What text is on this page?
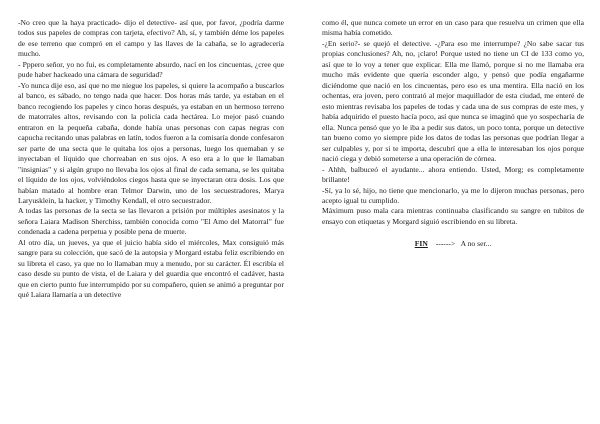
-No creo que la haya practicado- dijo el detective- así que, por favor, ¿podría darme todos sus papeles de compras con tarjeta, efectivo? Ah, sí, y también déme los papeles de ese terreno que compró en el campo y las llaves de la cabaña, se lo agradecería mucho.

- Pppero señor, yo no fui, es completamente absurdo, nací en los cincuentas, ¿cree que pude haber hackeado una cámara de seguridad?

-Yo nunca dije eso, así que no me niegue los papeles, si quiere la acompaño a buscarlos al banco, es sábado, no tengo nada que hacer. Dos horas más tarde, ya estaban en el banco recogiendo los papeles y cinco horas después, ya estaban en un hermoso terreno de matorrales altos, revisando con la policía cada hectárea. Lo mejor pasó cuando entraron en la pequeña cabaña, donde había unas personas con capas negras con capucha recitando unas palabras en latín, todos fueron a la comisaría donde confesaron ser parte de una secta que le quitaba los ojos a personas, luego los quemaban y se inyectaban el líquido que chorreaban en sus ojos. A eso era a lo que le llamaban "insignias" y si algún grupo no llevaba los ojos al final de cada semana, se les quitaba el líquido de los ojos, volviéndolos ciegos hasta que se inyectaran otra dosis. Los que habían matado al hombre eran Telmor Darwin, uno de los secuestradores, Marya Laryusklein, la hacker, y Timothy Kendall, el otro secuestrador.

A todas las personas de la secta se las llevaron a prisión por múltiples asesinatos y la señora Laiara Madison Sherchiss, también conocida como "El Amo del Matorral" fue condenada a cadena perpetua y posible pena de muerte.

Al otro día, un jueves, ya que el juicio había sido el miércoles, Max consiguió más sangre para su colección, que sacó de la autopsia y Morgard estaba feliz escribiendo en su libreta el caso, ya que no lo llamaban muy a menudo, por su carácter. Él escribía el caso desde su punto de vista, el de Laiara y del guardia que encontró el cadáver, hasta que en cierto punto fue interrumpido por su compañero, quien se animó a preguntar por qué Laiara llamaría a un detective

como él, que nunca comete un error en un caso para que resuelva un crimen que ella misma había cometido.

-¿En serio?- se quejó el detective. -¿Para eso me interrumpe? ¿No sabe sacar tus propias conclusiones? Ah, no, ¡claro! Porque usted no tiene un CI de 133 como yo, así que te lo voy a tener que explicar. Ella me llamó, porque si no me llamaba era mucho más evidente que quería esconder algo, y pensó que podía engañarme diciéndome que nació en los cincuentas, pero eso es una mentira. Ella nació en los ochentas, era joven, pero contrató al mejor maquillador de esta ciudad, me enteré de esto mientras revisaba los papeles de todas y cada una de sus compras de este mes, y había adquirido el puesto hacía poco, así que nunca se imaginó que yo sospecharía de ella. Nunca pensó que yo le iba a pedir sus datos, un poco tonta, porque un detective tan bueno como yo siempre pide los datos de todas las personas que podrían llegar a ser culpables y, por si te importa, descubrí que a ella le interesaban los ojos porque nació ciega y debió someterse a una operación de córnea.

- Ahhh, balbuceó el ayudante... ahora entiendo. Usted, Morg; es completamente brillante!

-Sí, ya lo sé, hijo, no tiene que mencionarlo, ya me lo dijeron muchas personas, pero acepto igual tu cumplido.

Máximum puso mala cara mientras continuaba clasificando su sangre en tubitos de ensayo con etiquetas y Morgard siguió escribiendo en su libreta.

FIN ------> A no ser...
